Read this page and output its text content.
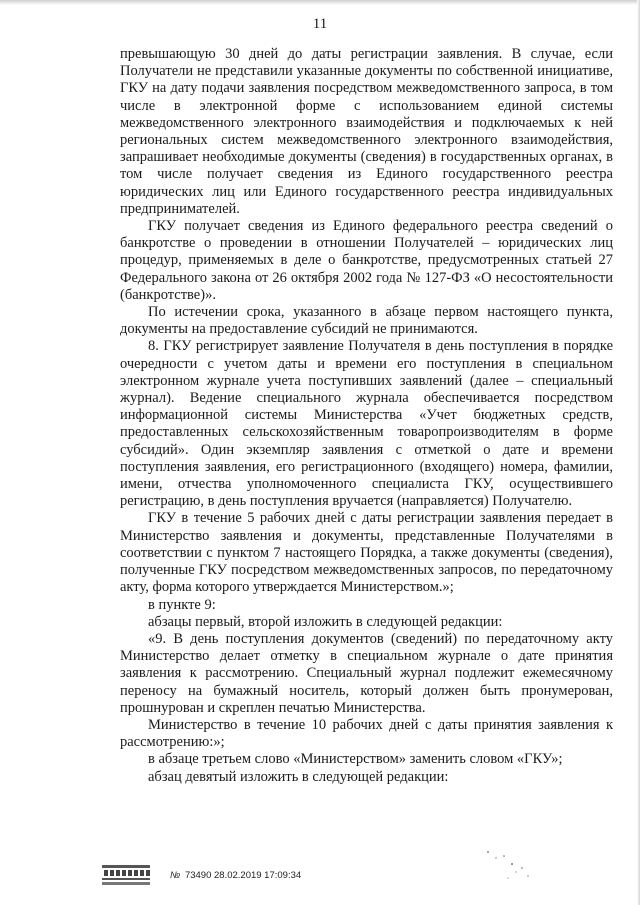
11

превышающую 30 дней до даты регистрации заявления. В случае, если Получатели не представили указанные документы по собственной инициативе, ГКУ на дату подачи заявления посредством межведомственного запроса, в том числе в электронной форме с использованием единой системы межведомственного электронного взаимодействия и подключаемых к ней региональных систем межведомственного электронного взаимодействия, запрашивает необходимые документы (сведения) в государственных органах, в том числе получает сведения из Единого государственного реестра юридических лиц или Единого государственного реестра индивидуальных предпринимателей.

ГКУ получает сведения из Единого федерального реестра сведений о банкротстве о проведении в отношении Получателей – юридических лиц процедур, применяемых в деле о банкротстве, предусмотренных статьей 27 Федерального закона от 26 октября 2002 года № 127-ФЗ «О несостоятельности (банкротстве)».

По истечении срока, указанного в абзаце первом настоящего пункта, документы на предоставление субсидий не принимаются.

8. ГКУ регистрирует заявление Получателя в день поступления в порядке очередности с учетом даты и времени его поступления в специальном электронном журнале учета поступивших заявлений (далее – специальный журнал). Ведение специального журнала обеспечивается посредством информационной системы Министерства «Учет бюджетных средств, предоставленных сельскохозяйственным товаропроизводителям в форме субсидий». Один экземпляр заявления с отметкой о дате и времени поступления заявления, его регистрационного (входящего) номера, фамилии, имени, отчества уполномоченного специалиста ГКУ, осуществившего регистрацию, в день поступления вручается (направляется) Получателю.

ГКУ в течение 5 рабочих дней с даты регистрации заявления передает в Министерство заявления и документы, представленные Получателями в соответствии с пунктом 7 настоящего Порядка, а также документы (сведения), полученные ГКУ посредством межведомственных запросов, по передаточному акту, форма которого утверждается Министерством.»;

в пункте 9:

абзацы первый, второй изложить в следующей редакции:

«9. В день поступления документов (сведений) по передаточному акту Министерство делает отметку в специальном журнале о дате принятия заявления к рассмотрению. Специальный журнал подлежит ежемесячному переносу на бумажный носитель, который должен быть пронумерован, прошнурован и скреплен печатью Министерства.

Министерство в течение 10 рабочих дней с даты принятия заявления к рассмотрению:»;

в абзаце третьем слово «Министерством» заменить словом «ГКУ»;

абзац девятый изложить в следующей редакции:

№ 73490 28.02.2019 17:09:34
